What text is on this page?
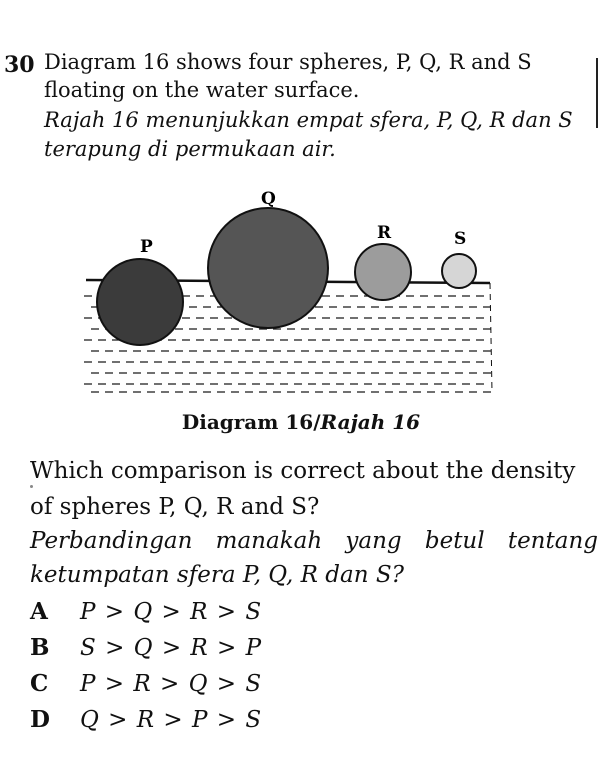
30 Diagram 16 shows four spheres, P, Q, R and S
floating on the water surface.
Rajah 16 menunjukkan empat sfera, P, Q, R dan S
terapung di permukaan air.
P
Q
R	S
Diagram 16/Rajah 16
Which comparison is correct about the density
of spheres P, Q, R and S?
Perbandingan manakah yang betul tentang
ketumpatan sfera P, Q, R dan S?
A P > Q > R > S
B S > Q > R > P
C P > R > Q > S
D Q > R > P > S
